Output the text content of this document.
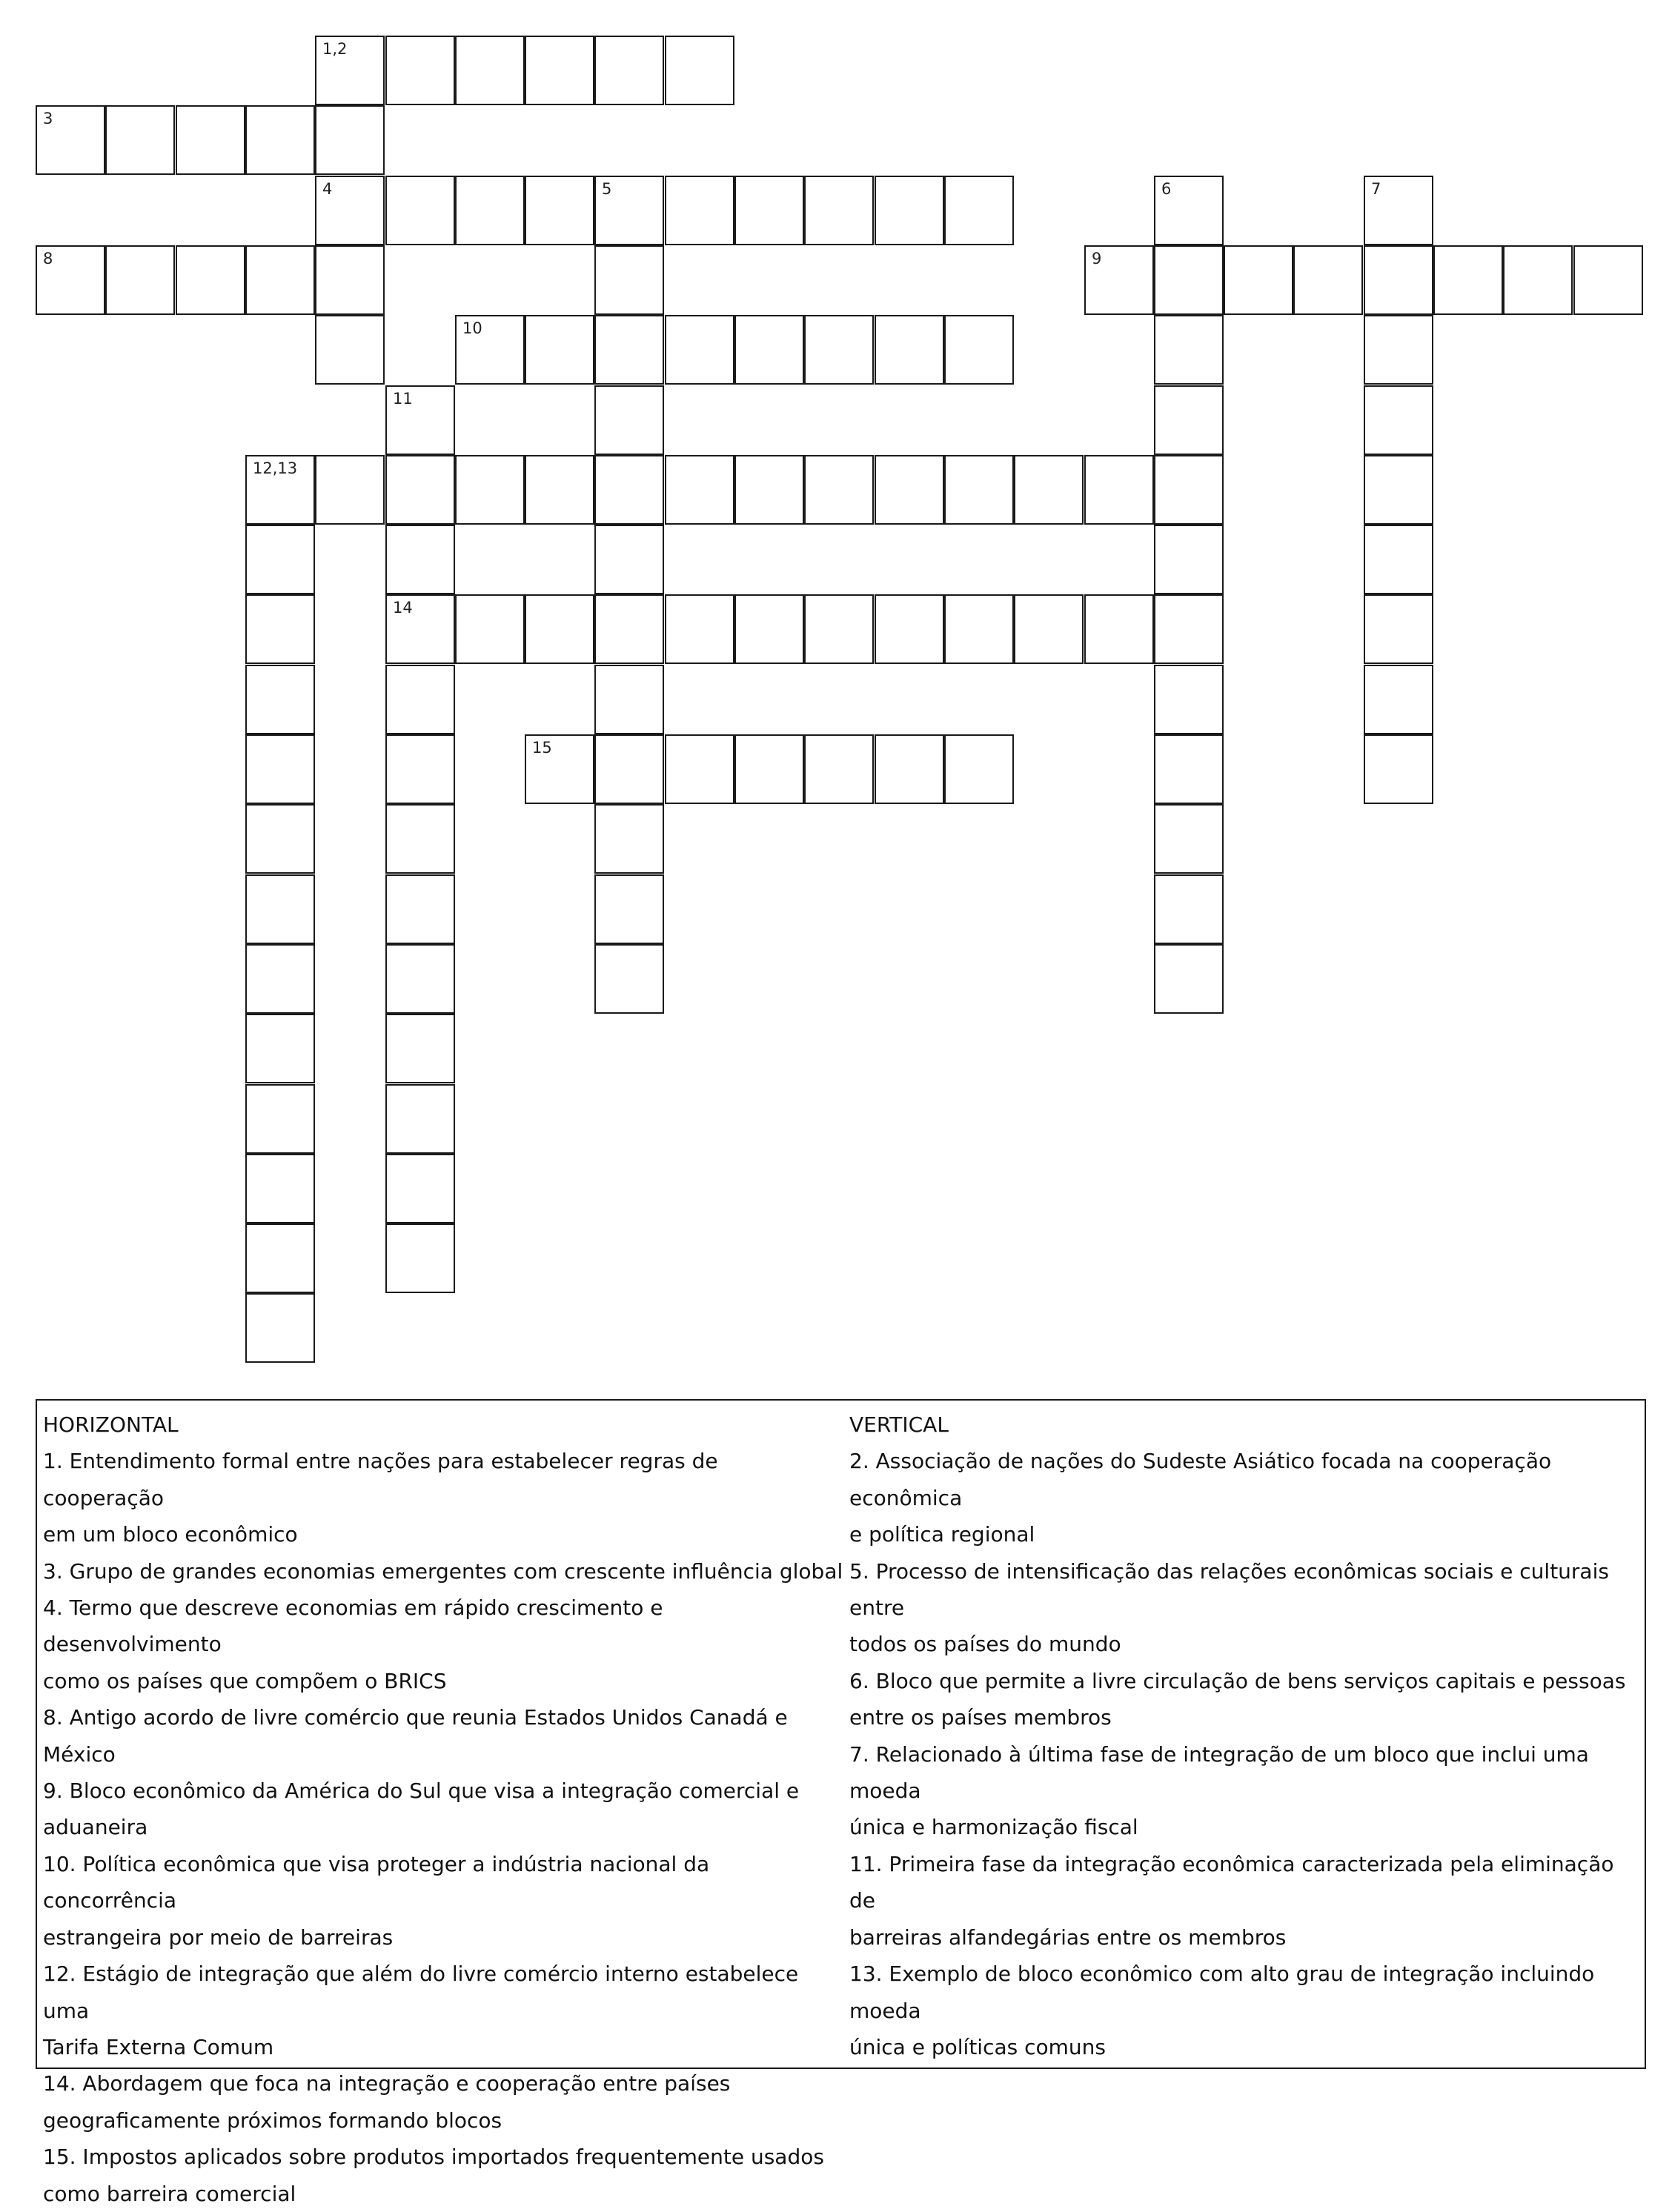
1,2
3
4	5	6	7
8	9
10
11
12,13
14
15
HORIZONTAL
1. Entendimento formal entre nações para estabelecer regras de cooperação
em um bloco econômico
3. Grupo de grandes economias emergentes com crescente influência global
4. Termo que descreve economias em rápido crescimento e desenvolvimento
como os países que compõem o BRICS
8. Antigo acordo de livre comércio que reunia Estados Unidos Canadá e México
9. Bloco econômico da América do Sul que visa a integração comercial e
aduaneira
10. Política econômica que visa proteger a indústria nacional da concorrência
estrangeira por meio de barreiras
12. Estágio de integração que além do livre comércio interno estabelece uma
Tarifa Externa Comum
14. Abordagem que foca na integração e cooperação entre países
geograficamente próximos formando blocos
15. Impostos aplicados sobre produtos importados frequentemente usados
como barreira comercial
VERTICAL
2. Associação de nações do Sudeste Asiático focada na cooperação econômica
e política regional
5. Processo de intensificação das relações econômicas sociais e culturais entre
todos os países do mundo
6. Bloco que permite a livre circulação de bens serviços capitais e pessoas
entre os países membros
7. Relacionado à última fase de integração de um bloco que inclui uma moeda
única e harmonização fiscal
11. Primeira fase da integração econômica caracterizada pela eliminação de
barreiras alfandegárias entre os membros
13. Exemplo de bloco econômico com alto grau de integração incluindo moeda
única e políticas comuns
